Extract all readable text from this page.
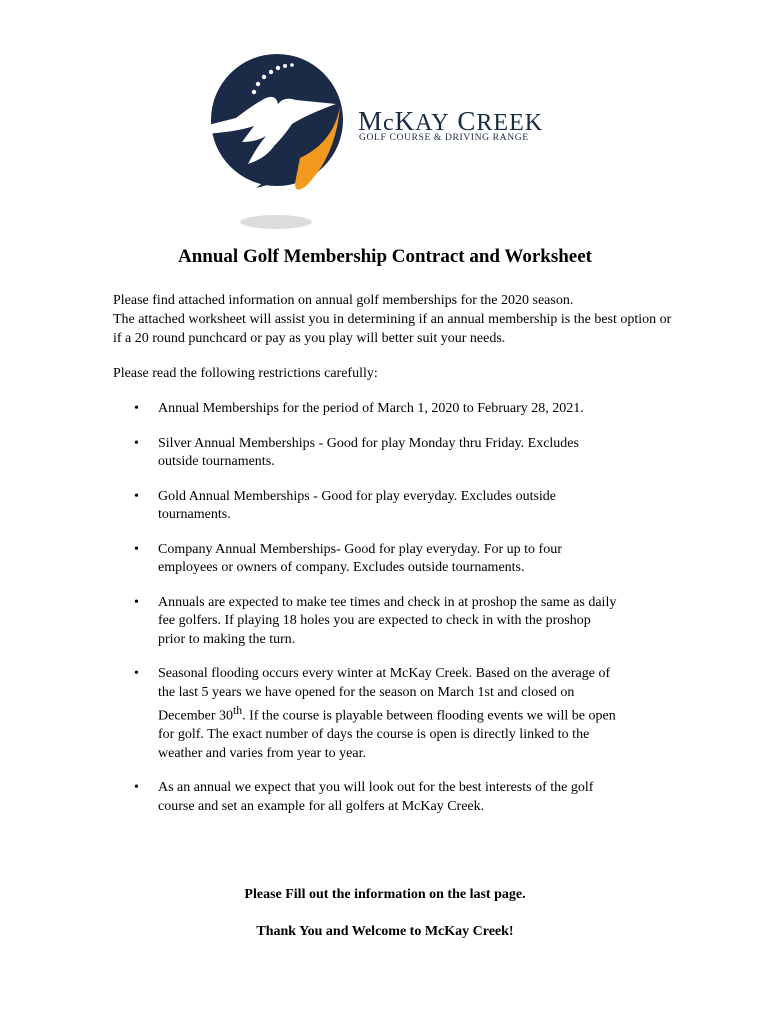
McKAY CREEK
GOLF COURSE & DRIVING RANGE
Annual Golf Membership Contract and Worksheet

Please find attached information on annual golf memberships for the 2020 season.

The attached worksheet will assist you in determining if an annual membership is the best option or if a 20 round punchcard or pay as you play will better suit your needs.

Please read the following restrictions carefully:

• Annual Memberships for the period of March 1, 2020 to February 28, 2021.
• Silver Annual Memberships - Good for play Monday thru Friday. Excludes
outside tournaments.
• Gold Annual Memberships - Good for play everyday. Excludes outside
tournaments.
• Company Annual Memberships- Good for play everyday. For up to four
employees or owners of company. Excludes outside tournaments.
• Annuals are expected to make tee times and check in at proshop the same as daily
fee golfers. If playing 18 holes you are expected to check in with the proshop
prior to making the turn.
• Seasonal flooding occurs every winter at McKay Creek. Based on the average of
the last 5 years we have opened for the season on March 1st and closed on
December 30th. If the course is playable between flooding events we will be open
for golf. The exact number of days the course is open is directly linked to the
weather and varies from year to year.
• As an annual we expect that you will look out for the best interests of the golf
course and set an example for all golfers at McKay Creek.

Please Fill out the information on the last page.

Thank You and Welcome to McKay Creek!
